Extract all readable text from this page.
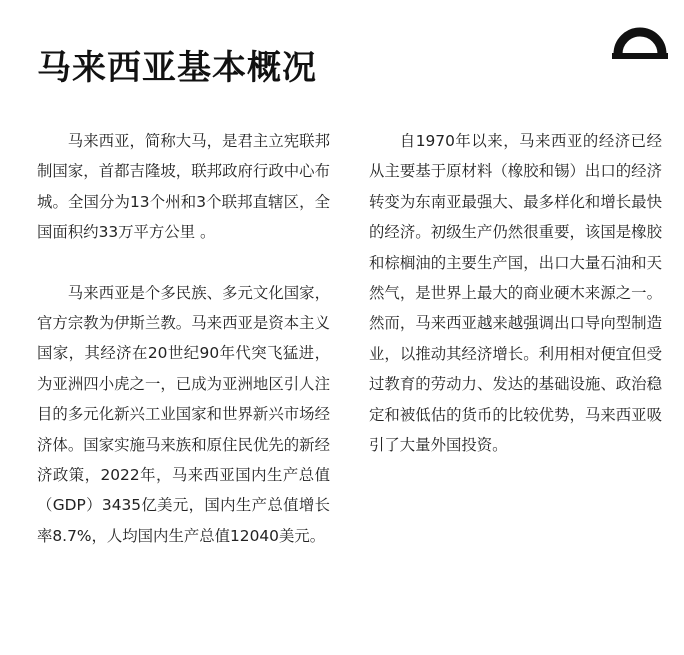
马来西亚基本概况

马来西亚，简称大马，是君主立宪联邦制国家，首都吉隆坡，联邦政府行政中心布城。全国分为13个州和3个联邦直辖区，全国面积约33万平方公里 。

马来西亚是个多民族、多元文化国家，官方宗教为伊斯兰教。马来西亚是资本主义国家，其经济在20世纪90年代突飞猛进，为亚洲四小虎之一，已成为亚洲地区引人注目的多元化新兴工业国家和世界新兴市场经济体。国家实施马来族和原住民优先的新经济政策，2022年，马来西亚国内生产总值（GDP）3435亿美元，国内生产总值增长率8.7%，人均国内生产总值12040美元。

自1970年以来，马来西亚的经济已经从主要基于原材料（橡胶和锡）出口的经济转变为东南亚最强大、最多样化和增长最快的经济。初级生产仍然很重要，该国是橡胶和棕榈油的主要生产国，出口大量石油和天然气，是世界上最大的商业硬木来源之一。然而，马来西亚越来越强调出口导向型制造业，以推动其经济增长。利用相对便宜但受过教育的劳动力、发达的基础设施、政治稳定和被低估的货币的比较优势，马来西亚吸引了大量外国投资。
